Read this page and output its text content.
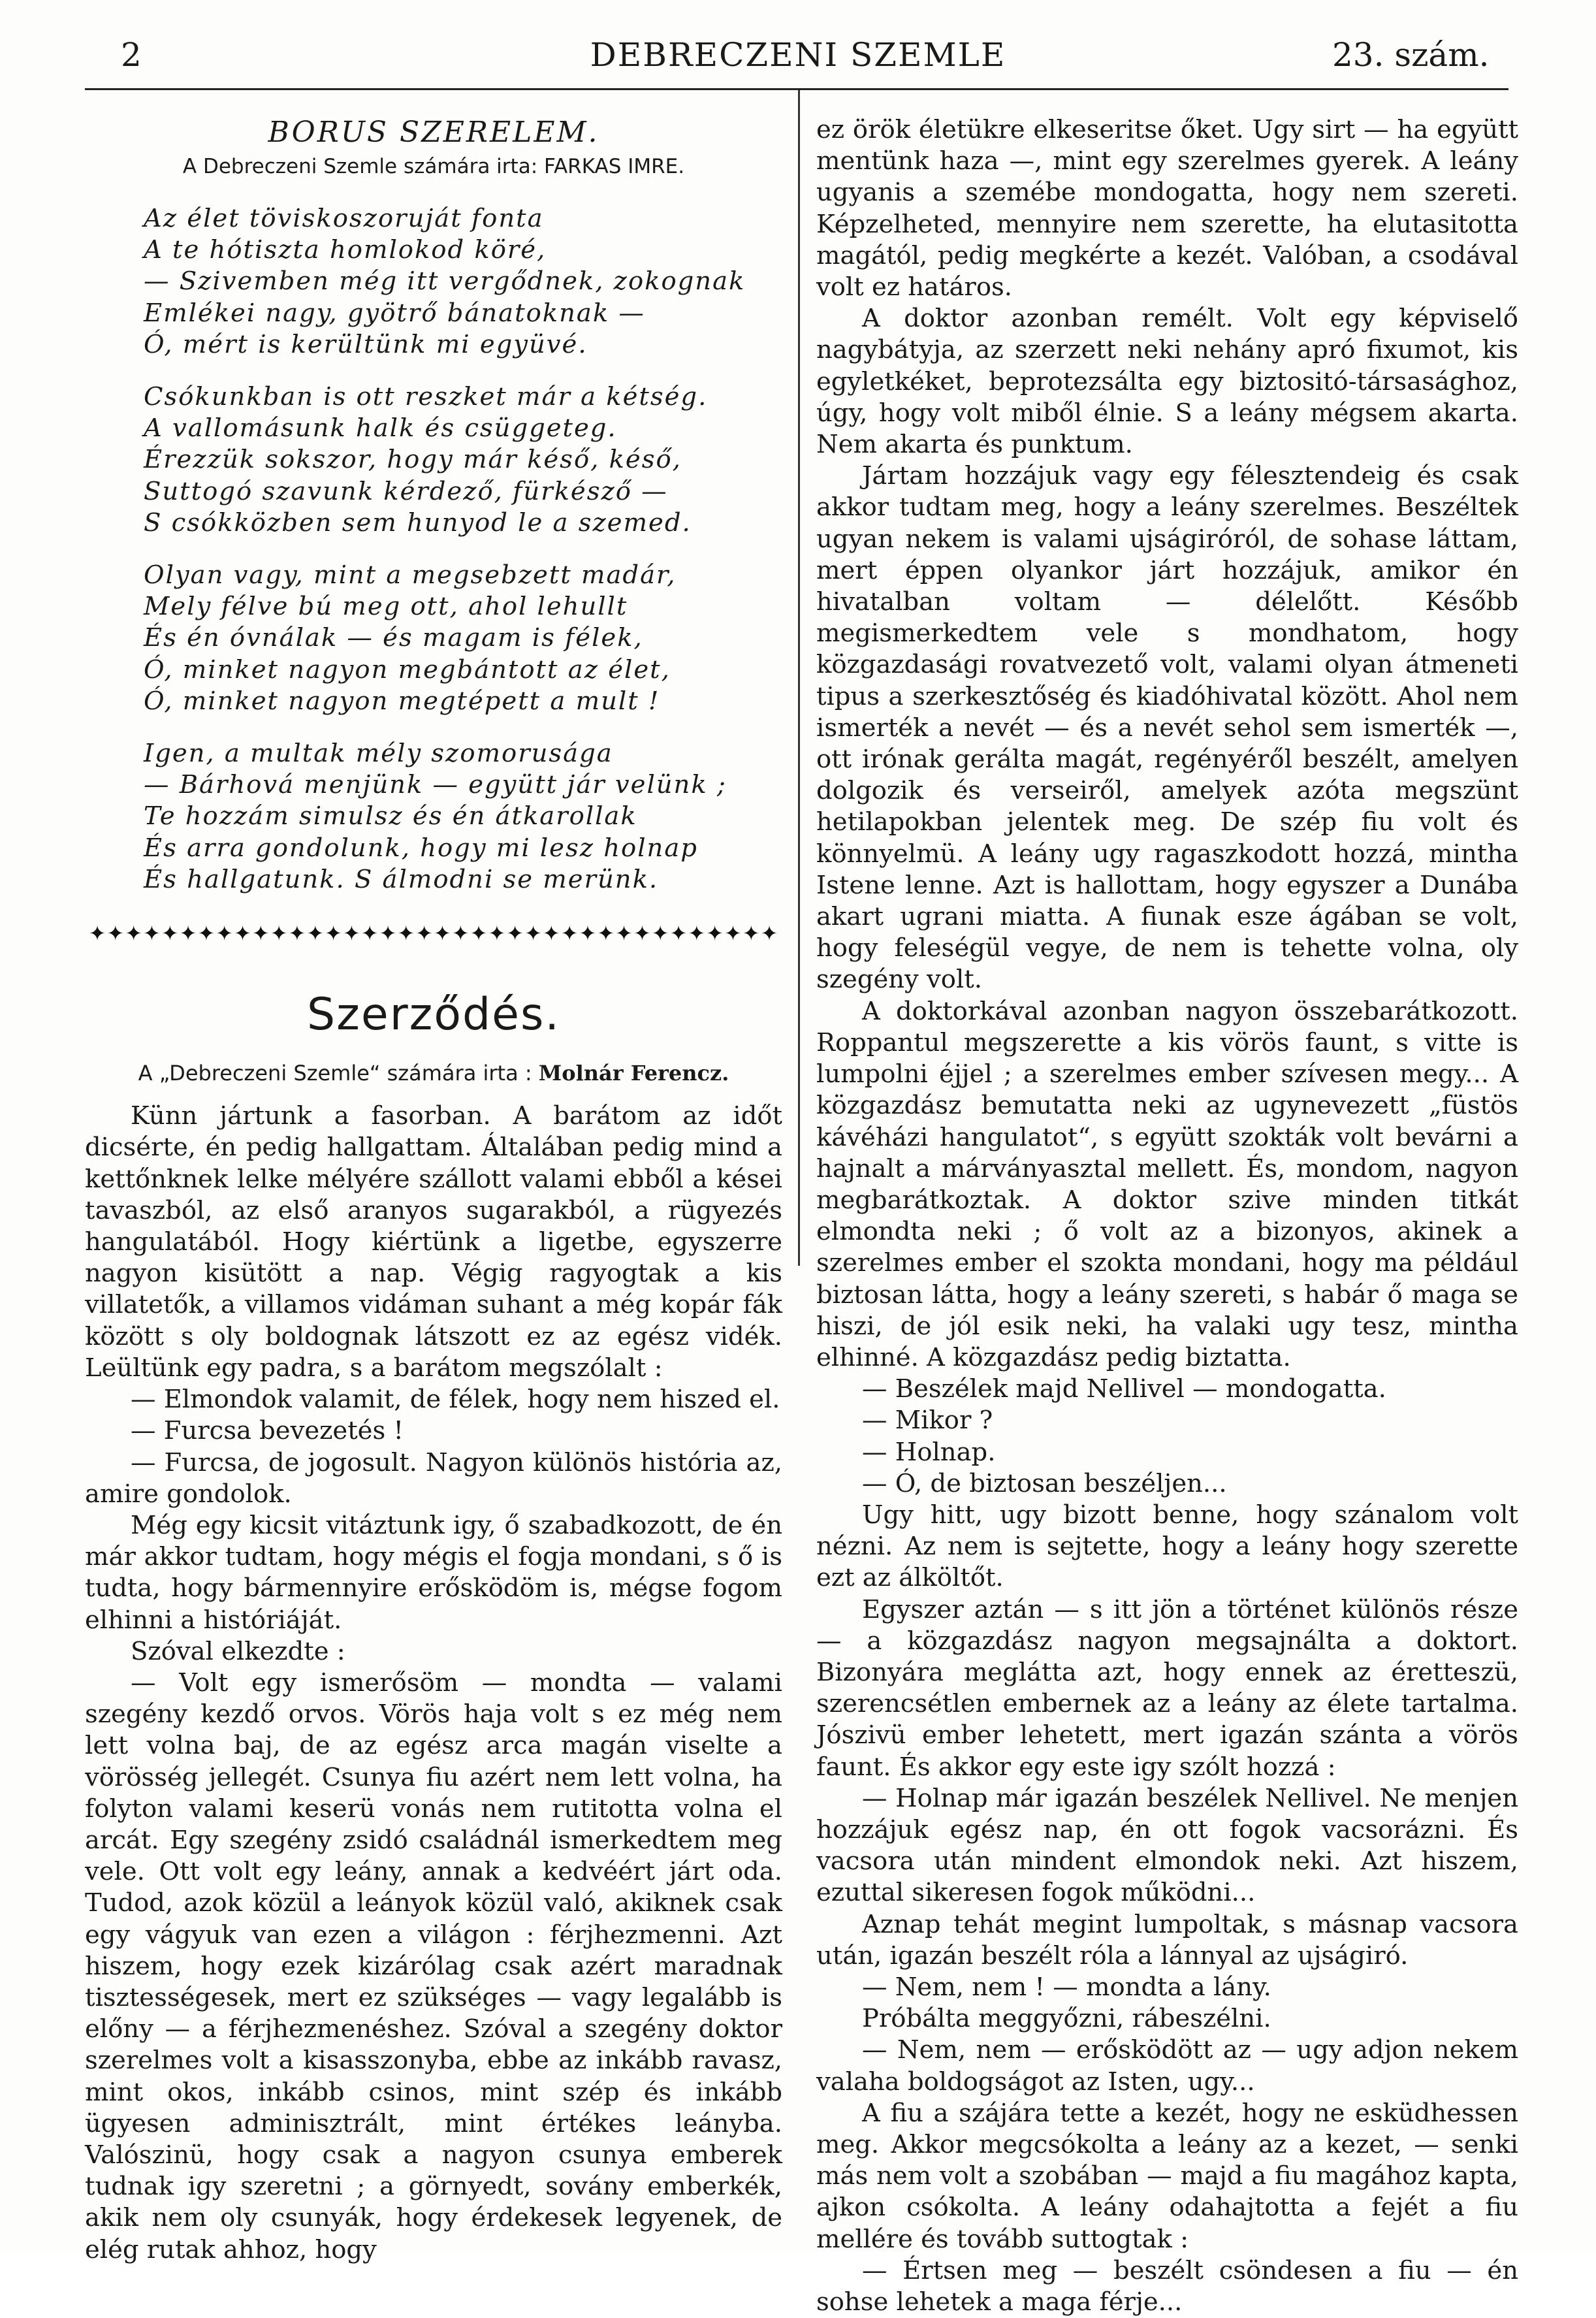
2	DEBRECZENI SZEMLE	23. szám.

BORUS SZERELEM.

A Debreczeni Szemle számára irta: FARKAS IMRE.

Az élet töviskoszoruját fonta
A te hótiszta homlokod köré,
— Szivemben még itt vergődnek, zokognak
Emlékei nagy, gyötrő bánatoknak —
Ó, mért is kerültünk mi együvé.
Csókunkban is ott reszket már a kétség.
A vallomásunk halk és csüggeteg.
Érezzük sokszor, hogy már késő, késő,
Suttogó szavunk kérdező, fürkésző —
S csókközben sem hunyod le a szemed.
Olyan vagy, mint a megsebzett madár,
Mely félve bú meg ott, ahol lehullt
És én óvnálak — és magam is félek,
Ó, minket nagyon megbántott az élet,
Ó, minket nagyon megtépett a mult !
Igen, a multak mély szomorusága
— Bárhová menjünk — együtt jár velünk ;
Te hozzám simulsz és én átkarollak
És arra gondolunk, hogy mi lesz holnap
És hallgatunk. S álmodni se merünk.
✦✦✦✦✦✦✦✦✦✦✦✦✦✦✦✦✦✦✦✦✦✦✦✦✦✦✦✦✦✦✦✦✦✦✦✦✦✦
Szerződés.
A „Debreczeni Szemle“ számára irta : Molnár Ferencz.

Künn jártunk a fasorban. A barátom az időt dicsérte, én pedig hallgattam. Általában pedig mind a kettőnknek lelke mélyére szállott valami ebből a kései tavaszból, az első aranyos sugarakból, a rügyezés hangulatából. Hogy kiértünk a ligetbe, egyszerre nagyon kisütött a nap. Végig ragyogtak a kis villatetők, a villamos vidáman suhant a még kopár fák között s oly boldognak látszott ez az egész vidék. Leültünk egy padra, s a barátom megszólalt :

— Elmondok valamit, de félek, hogy nem hiszed el.

— Furcsa bevezetés !

— Furcsa, de jogosult. Nagyon különös história az, amire gondolok.

Még egy kicsit vitáztunk igy, ő szabadkozott, de én már akkor tudtam, hogy mégis el fogja mondani, s ő is tudta, hogy bármennyire erősködöm is, mégse fogom elhinni a históriáját.

Szóval elkezdte :

— Volt egy ismerősöm — mondta — valami szegény kezdő orvos. Vörös haja volt s ez még nem lett volna baj, de az egész arca magán viselte a vörösség jellegét. Csunya fiu azért nem lett volna, ha folyton valami keserü vonás nem rutitotta volna el arcát. Egy szegény zsidó családnál ismerkedtem meg vele. Ott volt egy leány, annak a kedvéért járt oda. Tudod, azok közül a leányok közül való, akiknek csak egy vágyuk van ezen a világon : férjhezmenni. Azt hiszem, hogy ezek kizárólag csak azért maradnak tisztességesek, mert ez szükséges — vagy legalább is előny — a férjhezmenéshez. Szóval a szegény doktor szerelmes volt a kisasszonyba, ebbe az inkább ravasz, mint okos, inkább csinos, mint szép és inkább ügyesen adminisztrált, mint értékes leányba. Valószinü, hogy csak a nagyon csunya emberek tudnak igy szeretni ; a görnyedt, sovány emberkék, akik nem oly csunyák, hogy érdekesek legyenek, de elég rutak ahhoz, hogy

ez örök életükre elkeseritse őket. Ugy sirt — ha együtt mentünk haza —, mint egy szerelmes gyerek. A leány ugyanis a szemébe mondogatta, hogy nem szereti. Képzelheted, mennyire nem szerette, ha elutasitotta magától, pedig megkérte a kezét. Valóban, a csodával volt ez határos.

A doktor azonban remélt. Volt egy képviselő nagybátyja, az szerzett neki nehány apró fixumot, kis egyletkéket, beprotezsálta egy biztositó-társasághoz, úgy, hogy volt miből élnie. S a leány mégsem akarta. Nem akarta és punktum.

Jártam hozzájuk vagy egy félesztendeig és csak akkor tudtam meg, hogy a leány szerelmes. Beszéltek ugyan nekem is valami ujságiróról, de sohase láttam, mert éppen olyankor járt hozzájuk, amikor én hivatalban voltam — délelőtt. Később megismerkedtem vele s mondhatom, hogy közgazdasági rovatvezető volt, valami olyan átmeneti tipus a szerkesztőség és kiadóhivatal között. Ahol nem ismerték a nevét — és a nevét sehol sem ismerték —, ott irónak gerálta magát, regényéről beszélt, amelyen dolgozik és verseiről, amelyek azóta megszünt hetilapokban jelentek meg. De szép fiu volt és könnyelmü. A leány ugy ragaszkodott hozzá, mintha Istene lenne. Azt is hallottam, hogy egyszer a Dunába akart ugrani miatta. A fiunak esze ágában se volt, hogy feleségül vegye, de nem is tehette volna, oly szegény volt.

A doktorkával azonban nagyon összebarátkozott. Roppantul megszerette a kis vörös faunt, s vitte is lumpolni éjjel ; a szerelmes ember szívesen megy... A közgazdász bemutatta neki az ugynevezett „füstös kávéházi hangulatot“, s együtt szokták volt bevárni a hajnalt a márványasztal mellett. És, mondom, nagyon megbarátkoztak. A doktor szive minden titkát elmondta neki ; ő volt az a bizonyos, akinek a szerelmes ember el szokta mondani, hogy ma például biztosan látta, hogy a leány szereti, s habár ő maga se hiszi, de jól esik neki, ha valaki ugy tesz, mintha elhinné. A közgazdász pedig biztatta.

— Beszélek majd Nellivel — mondogatta.

— Mikor ?

— Holnap.

— Ó, de biztosan beszéljen...

Ugy hitt, ugy bizott benne, hogy szánalom volt nézni. Az nem is sejtette, hogy a leány hogy szerette ezt az álköltőt.

Egyszer aztán — s itt jön a történet különös része — a közgazdász nagyon megsajnálta a doktort. Bizonyára meglátta azt, hogy ennek az éretteszü, szerencsétlen embernek az a leány az élete tartalma. Jószivü ember lehetett, mert igazán szánta a vörös faunt. És akkor egy este igy szólt hozzá :

— Holnap már igazán beszélek Nellivel. Ne menjen hozzájuk egész nap, én ott fogok vacsorázni. És vacsora után mindent elmondok neki. Azt hiszem, ezuttal sikeresen fogok működni...

Aznap tehát megint lumpoltak, s másnap vacsora után, igazán beszélt róla a lánnyal az ujságiró.

— Nem, nem ! — mondta a lány.

Próbálta meggyőzni, rábeszélni.

— Nem, nem — erősködött az — ugy adjon nekem valaha boldogságot az Isten, ugy...

A fiu a szájára tette a kezét, hogy ne esküdhessen meg. Akkor megcsókolta a leány az a kezet, — senki más nem volt a szobában — majd a fiu magához kapta, ajkon csókolta. A leány odahajtotta a fejét a fiu mellére és tovább suttogtak :

— Értsen meg — beszélt csöndesen a fiu — én sohse lehetek a maga férje...
